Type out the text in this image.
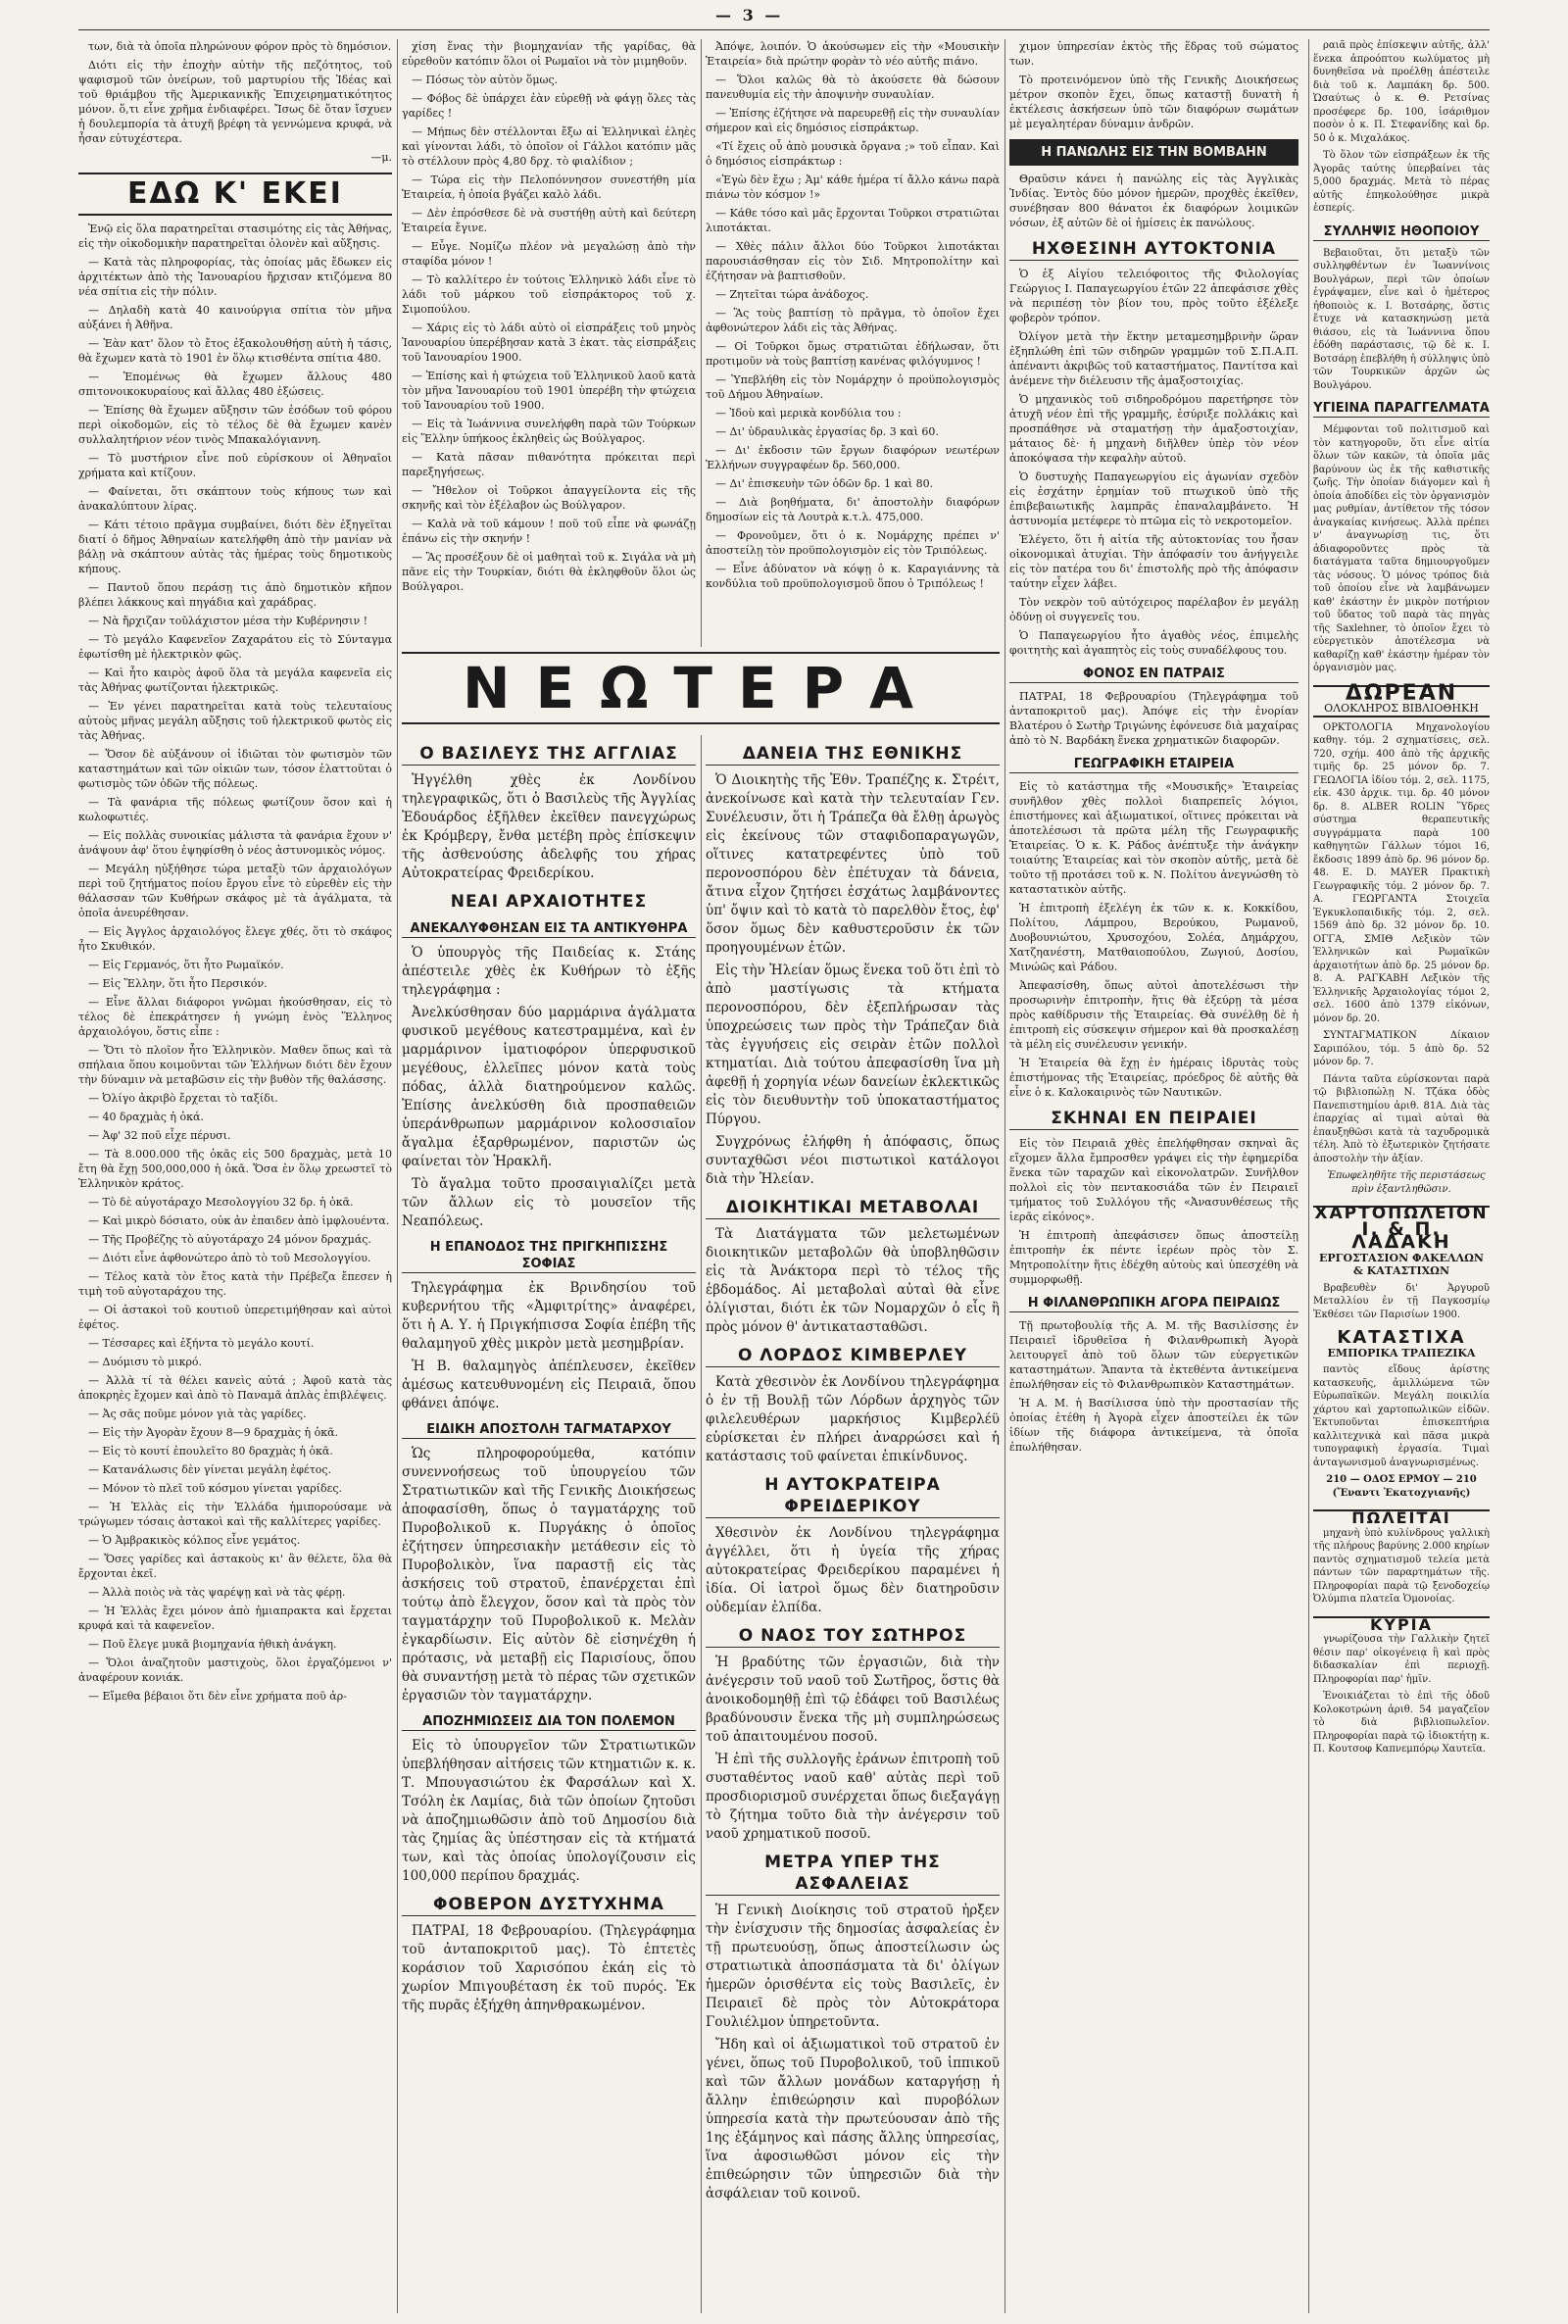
— 3 —

των, διὰ τὰ ὁποῖα πληρώνουν φόρον πρὸς τὸ δημόσιον.

Διότι εἰς τὴν ἐποχὴν αὐτὴν τῆς πεζότητος, τοῦ ψαφισμοῦ τῶν ὀνείρων, τοῦ μαρτυρίου τῆς Ἰδέας καὶ τοῦ θριάμβου τῆς Ἀμερικανικῆς Ἐπιχειρηματικότητος μόνον. ὅ,τι εἶνε χρῆμα ἐνδιαφέρει. Ἴσως δὲ ὅταν ἴσχυεν ἡ δουλεμπορία τὰ ἀτυχῆ βρέφη τὰ γεννώμενα κρυφά, νὰ ἦσαν εὐτυχέστερα.

—μ.

ΕΔΩ Κ' ΕΚΕΙ

Ἐνῷ εἰς ὅλα παρατηρεῖται στασιμότης εἰς τὰς Ἀθήνας, εἰς τὴν οἰκοδομικὴν παρατηρεῖται ὁλονὲν καὶ αὔξησις.

— Κατὰ τὰς πληροφορίας, τὰς ὁποίας μᾶς ἔδωκεν εἰς ἀρχιτέκτων ἀπὸ τὴς Ἰανουαρίου ἤρχισαν κτιζόμενα 80 νέα σπίτια εἰς τὴν πόλιν.

— Δηλαδὴ κατὰ 40 καινούργια σπίτια τὸν μῆνα αὐξάνει ἡ Ἀθῆνα.

— Ἐὰν κατ' ὅλον τὸ ἔτος ἐξακολουθήσῃ αὐτὴ ἡ τάσις, θὰ ἔχωμεν κατὰ τὸ 1901 ἐν ὅλῳ κτισθέντα σπίτια 480.

— Ἐπομένως θὰ ἔχωμεν ἄλλους 480 σπιτονοικοκυραίους καὶ ἄλλας 480 ἐξώσεις.

— Ἐπίσης θὰ ἔχωμεν αὔξησιν τῶν ἐσόδων τοῦ φόρου περὶ οἰκοδομῶν, εἰς τὸ τέλος δὲ θὰ ἔχωμεν κανὲν συλλαλητήριον νέον τινὸς Μπακαλόγιαννη.

— Τὸ μυστήριον εἶνε ποῦ εὑρίσκουν οἱ Ἀθηναῖοι χρήματα καὶ κτίζουν.

— Φαίνεται, ὅτι σκάπτουν τοὺς κήπους των καὶ ἀνακαλύπτουν λίρας.

— Κάτι τέτοιο πρᾶγμα συμβαίνει, διότι δὲν ἐξηγεῖται διατί ὁ δῆμος Ἀθηναίων κατελήφθη ἀπὸ τὴν μανίαν νὰ βάλῃ νὰ σκάπτουν αὐτὰς τὰς ἡμέρας τοὺς δημοτικοὺς κήπους.

— Παντοῦ ὅπου περάσῃ τις ἀπὸ δημοτικὸν κῆπον βλέπει λάκκους καὶ πηγάδια καὶ χαράδρας.

— Νὰ ἤρχιζαν τοῦλάχιστον μέσα τὴν Κυβέρνησιν !

— Τὸ μεγάλο Καφενεῖον Ζαχαράτου εἰς τὸ Σύνταγμα ἐφωτίσθη μὲ ἠλεκτρικὸν φῶς.

— Καὶ ἦτο καιρὸς ἀφοῦ ὅλα τὰ μεγάλα καφενεῖα εἰς τὰς Ἀθήνας φωτίζονται ἠλεκτρικῶς.

— Ἐν γένει παρατηρεῖται κατὰ τοὺς τελευταίους αὐτοὺς μῆνας μεγάλη αὔξησις τοῦ ἠλεκτρικοῦ φωτὸς εἰς τὰς Ἀθήνας.

— Ὅσον δὲ αὐξάνουν οἱ ἰδιῶται τὸν φωτισμὸν τῶν καταστημάτων καὶ τῶν οἰκιῶν των, τόσον ἐλαττοῦται ὁ φωτισμὸς τῶν ὁδῶν τῆς πόλεως.

— Τὰ φανάρια τῆς πόλεως φωτίζουν ὅσον καὶ ἡ κωλοφωτιές.

— Εἰς πολλὰς συνοικίας μάλιστα τὰ φανάρια ἔχουν ν' ἀνάψουν ἀφ' ὅτου ἐψηφίσθη ὁ νέος ἀστυνομικὸς νόμος.

— Μεγάλη ηὐξήθησε τώρα μεταξὺ τῶν ἀρχαιολόγων περὶ τοῦ ζητήματος ποίου ἔργου εἶνε τὸ εὑρεθὲν εἰς τὴν θάλασσαν τῶν Κυθήρων σκάφος μὲ τὰ ἀγάλματα, τὰ ὁποῖα ἀνευρέθησαν.

— Εἰς Ἀγγλος ἀρχαιολόγος ἔλεγε χθές, ὅτι τὸ σκάφος ἦτο Σκυθικόν.

— Εἰς Γερμανός, ὅτι ἦτο Ρωμαϊκόν.

— Εἰς Ἕλλην, ὅτι ἦτο Περσικόν.

— Εἶνε ἄλλαι διάφοροι γνῶμαι ἠκούσθησαν, εἰς τὸ τέλος δὲ ἐπεκράτησεν ἡ γνώμη ἑνὸς Ἕλληνος ἀρχαιολόγου, ὅστις εἶπε :

— Ὅτι τὸ πλοῖον ἦτο Ἑλληνικὸν. Μαθεν ὅπως καὶ τὰ σπήλαια ὅπου κοιμοῦνται τῶν Ἑλλήνων διότι δὲν ἔχουν τὴν δύναμιν νὰ μεταβῶσιν εἰς τὴν βυθὸν τῆς θαλάσσης.

— Ὀλίγο ἀκριβὸ ἔρχεται τὸ ταξίδι.

— 40 δραχμὰς ἡ ὀκά.

— Ἀφ' 32 ποῦ εἶχε πέρυσι.

— Τὰ 8.000.000 τῆς ὀκᾶς εἰς 500 δραχμὰς, μετὰ 10 ἔτη θὰ ἔχῃ 500,000,000 ἡ ὀκᾶ. Ὅσα ἐν ὅλῳ χρεωστεῖ τὸ Ἑλληνικὸν κράτος.

— Τὸ δὲ αὐγοτάραχο Μεσολογγίου 32 δρ. ἡ ὀκᾶ.

— Καὶ μικρὸ δόσιατο, οὐκ ἀν ἐπαιδεν ἀπὸ ἱμφλουέντα.

— Τῆς Προβέζης τὸ αὐγοτάραχο 24 μόνον δραχμάς.

— Διότι εἶνε ἀφθονώτερο ἀπὸ τὸ τοῦ Μεσολογγίου.

— Τέλος κατὰ τὸν ἔτος κατὰ τὴν Πρέβεζα ἔπεσεν ἡ τιμὴ τοῦ αὐγοταράχου της.

— Οἱ ἀστακοὶ τοῦ κουτιοῦ ὑπερετιμήθησαν καὶ αὐτοὶ ἐφέτος.

— Τέσσαρες καὶ ἐξήντα τὸ μεγάλο κουτί.

— Δυόμισυ τὸ μικρό.

— Ἀλλὰ τί τὰ θέλει κανεὶς αὐτά ; Ἀφοῦ κατὰ τὰς ἀποκρηὲς ἔχομεν καὶ ἀπὸ τὸ Παναμᾶ ἀπλὰς ἐπιβλέψεις.

— Ἀς σᾶς ποῦμε μόνον γιὰ τὰς γαρίδες.

— Εἰς τὴν Ἀγορὰν ἔχουν 8—9 δραχμὰς ἡ ὀκᾶ.

— Εἰς τὸ κουτί ἐπουλεῖτο 80 δραχμὰς ἡ ὀκᾶ.

— Κατανάλωσις δὲν γίνεται μεγάλη ἐφέτος.

— Μόνον τὸ πλεῖ τοῦ κόσμου γίνεται γαρίδες.

— Ἡ Ἑλλὰς εἰς τὴν Ἑλλάδα ἡμιπορούσαμε νὰ τρώγωμεν τόσαις ἀστακοὶ καὶ τῆς καλλίτερες γαρίδες.

— Ὁ Ἀμβρακικὸς κόλπος εἶνε γεμάτος.

— Ὅσες γαρίδες καὶ ἀστακοὺς κι' ἂν θέλετε, ὅλα θὰ ἔρχονται ἐκεῖ.

— Ἀλλὰ ποιὸς νὰ τὰς ψαρέψῃ καὶ νὰ τὰς φέρῃ.

— Ἡ Ἑλλὰς ἔχει μόνον ἀπὸ ἠμιαπρακτα καὶ ἔρχεται κρυφά καὶ τὰ καφενεῖον.

— Ποῦ ἔλεγε μυκᾶ βιομηχανία ἠθικὴ ἀνάγκη.

— Ὅλοι ἀναζητοῦν μαστιχοὺς, ὅλοι ἐργαζόμενοι ν' ἀναφέρουν κονιάκ.

— Εἴμεθα βέβαιοι ὅτι δὲν εἶνε χρήματα ποῦ ἀρ-

χίση ἕνας τὴν βιομηχανίαν τῆς γαρίδας, θὰ εὑρεθοῦν κατόπιν ὅλοι οἱ Ρωμαῖοι νὰ τὸν μιμηθοῦν.

— Πόσως τὸν αὐτὸν ὅμως.

— Φόβος δὲ ὑπάρχει ἐὰν εὑρεθῇ νὰ φάγῃ ὅλες τὰς γαρίδες !

— Μήπως δὲν στέλλονται ἔξω αἱ Ἑλληνικαὶ ἐληὲς καὶ γίνονται λάδι, τὸ ὁποῖον οἱ Γάλλοι κατόπιν μᾶς τὸ στέλλουν πρὸς 4,80 δρχ. τὸ φιαλίδιον ;

— Τώρα εἰς τὴν Πελοπόννησον συνεστήθη μία Ἑταιρεία, ἡ ὁποία βγάζει καλὸ λάδι.

— Δὲν ἐπρόσθεσε δὲ νὰ συστήθῃ αὐτὴ καὶ δεύτερη Ἑταιρεία ἔγινε.

— Εὖγε. Νομίζω πλέον νὰ μεγαλώσῃ ἀπὸ τὴν σταφίδα μόνον !

— Τὸ καλλίτερο ἐν τούτοις Ἑλληνικὸ λάδι εἶνε τὸ λάδι τοῦ μάρκου τοῦ εἰσπράκτορος τοῦ χ. Σιμοπούλου.

— Χάρις εἰς τὸ λάδι αὐτὸ οἱ εἰσπράξεις τοῦ μηνὸς Ἰανουαρίου ὑπερέβησαν κατὰ 3 ἑκατ. τὰς εἰσπράξεις τοῦ Ἰανουαρίου 1900.

— Ἐπίσης καὶ ἡ φτώχεια τοῦ Ἑλληνικοῦ λαοῦ κατὰ τὸν μῆνα Ἰανουαρίου τοῦ 1901 ὑπερέβη τὴν φτώχεια τοῦ Ἰανουαρίου τοῦ 1900.

— Εἰς τὰ Ἰωάννινα συνελήφθη παρὰ τῶν Τούρκων εἰς Ἕλλην ὑπήκοος ἐκληθεὶς ὡς Βούλγαρος.

— Κατὰ πᾶσαν πιθανότητα πρόκειται περὶ παρεξηγήσεως.

— Ἤθελον οἱ Τοῦρκοι ἀπαγγείλοντα εἰς τῆς σκηνῆς καὶ τὸν ἐξέλαβον ὡς Βούλγαρον.

— Καλὰ νὰ τοῦ κάμουν ! ποῦ τοῦ εἶπε νὰ φωνάζῃ ἐπάνω εἰς τὴν σκηνήν !

— Ἂς προσέξουν δὲ οἱ μαθηταὶ τοῦ κ. Σιγάλα νὰ μὴ πᾶνε εἰς τὴν Τουρκίαν, διότι θὰ ἐκληφθοῦν ὅλοι ὡς Βούλγαροι.

Ἀπόψε, λοιπόν. Ὁ ἀκούσωμεν εἰς τὴν «Μουσικὴν Ἑταιρεία» διὰ πρώτην φορὰν τὸ νέο αὐτῆς πιάνο.

— Ὅλοι καλῶς θὰ τὸ ἀκούσετε θὰ δώσουν πανευθυμία εἰς τὴν ἀποψινὴν συναυλίαν.

— Ἐπίσης ἐζήτησε νὰ παρευρεθῇ εἰς τὴν συναυλίαν σήμερον καὶ εἰς δημόσιος εἰσπράκτωρ.

«Τί ἔχεις οὖ ἀπὸ μουσικὰ ὄργανα ;» τοῦ εἶπαν. Καὶ ὁ δημόσιος εἰσπράκτωρ :

«Ἐγὼ δὲν ἔχω ; Ἀμ' κάθε ἡμέρα τί ἄλλο κάνω παρὰ πιάνω τὸν κόσμον !»

— Κάθε τόσο καὶ μᾶς ἔρχονται Τοῦρκοι στρατιῶται λιποτάκται.

— Χθὲς πάλιν ἄλλοι δύο Τοῦρκοι λιποτάκται παρουσιάσθησαν εἰς τὸν Σιδ. Μητροπολίτην καὶ ἐζήτησαν νὰ βαπτισθοῦν.

— Ζητεῖται τώρα ἀνάδοχος.

— Ἂς τοὺς βαπτίσῃ τὸ πρᾶγμα, τὸ ὁποῖον ἔχει ἀφθονώτερον λάδι εἰς τὰς Ἀθήνας.

— Οἱ Τοῦρκοι ὅμως στρατιῶται ἐδήλωσαν, ὅτι προτιμοῦν νὰ τοὺς βαπτίσῃ κανένας φιλόγυμνος !

— Ὑπεβλήθη εἰς τὸν Νομάρχην ὁ προϋπολογισμὸς τοῦ Δήμου Ἀθηναίων.

— Ἰδοὺ καὶ μερικὰ κονδύλια του :

— Δι' ὑδραυλικὰς ἐργασίας δρ. 3 καὶ 60.

— Δι' ἐκδοσιν τῶν ἔργων διαφόρων νεωτέρων Ἑλλήνων συγγραφέων δρ. 560,000.

— Δι' ἐπισκευὴν τῶν ὁδῶν δρ. 1 καὶ 80.

— Διὰ βοηθήματα, δι' ἀποστολὴν διαφόρων δημοσίων εἰς τὰ Λουτρὰ κ.τ.λ. 475,000.

— Φρονοῦμεν, ὅτι ὁ κ. Νομάρχης πρέπει ν' ἀποστείλῃ τὸν προϋπολογισμὸν εἰς τὸν Τριπόλεως.

— Εἶνε ἀδύνατον νὰ κόψῃ ὁ κ. Καραγιάννης τὰ κονδύλια τοῦ προϋπολογισμοῦ ὅπου ὁ Τριπόλεως !

ΝΕΩΤΕΡΑ
Ο ΒΑΣΙΛΕΥΣ ΤΗΣ ΑΓΓΛΙΑΣ

Ἠγγέλθη χθὲς ἐκ Λονδίνου τηλεγραφικῶς, ὅτι ὁ Βασιλεὺς τῆς Ἀγγλίας Ἐδουάρδος ἐξῆλθεν ἐκεῖθεν πανεγχώρως ἐκ Κρόμβεργ, ἔνθα μετέβη πρὸς ἐπίσκεψιν τῆς ἀσθενούσης ἀδελφῆς του χήρας Αὐτοκρατείρας Φρειδερίκου.

ΝΕΑΙ ΑΡΧΑΙΟΤΗΤΕΣ
ΑΝΕΚΑΛΥΦΘΗΣΑΝ ΕΙΣ ΤΑ ΑΝΤΙΚΥΘΗΡΑ

Ὁ ὑπουργὸς τῆς Παιδείας κ. Στάης ἀπέστειλε χθὲς ἐκ Κυθήρων τὸ ἑξῆς τηλεγράφημα :

Ἀνελκύσθησαν δύο μαρμάρινα ἀγάλματα φυσικοῦ μεγέθους κατεστραμμένα, καὶ ἐν μαρμάρινον ἱματιοφόρον ὑπερφυσικοῦ μεγέθους, ἐλλεῖπες μόνον κατὰ τοὺς πόδας, ἀλλὰ διατηρούμενον καλῶς. Ἐπίσης ἀνελκύσθη διὰ προσπαθειῶν ὑπεράνθρωπων μαρμάρινον κολοσσιαῖον ἄγαλμα ἐξαρθρωμένον, παριστῶν ὡς φαίνεται τὸν Ἡρακλῆ.

Τὸ ἄγαλμα τοῦτο προσαιγιαλίζει μετὰ τῶν ἄλλων εἰς τὸ μουσεῖον τῆς Νεαπόλεως.

Η ΕΠΑΝΟΔΟΣ ΤΗΣ ΠΡΙΓΚΗΠΙΣΣΗΣ ΣΟΦΙΑΣ

Τηλεγράφημα ἐκ Βρινδησίου τοῦ κυβερνήτου τῆς «Ἀμφιτρίτης» ἀναφέρει, ὅτι ἡ Α. Υ. ἡ Πριγκήπισσα Σοφία ἐπέβη τῆς θαλαμηγοῦ χθὲς μικρὸν μετὰ μεσημβρίαν.

Ἡ Β. θαλαμηγὸς ἀπέπλευσεν, ἐκεῖθεν ἀμέσως κατευθυνομένη εἰς Πειραιᾶ, ὅπου φθάνει ἀπόψε.

ΕΙΔΙΚΗ ΑΠΟΣΤΟΛΗ ΤΑΓΜΑΤΑΡΧΟΥ

Ὡς πληροφορούμεθα, κατόπιν συνεννοήσεως τοῦ ὑπουργείου τῶν Στρατιωτικῶν καὶ τῆς Γενικῆς Διοικήσεως ἀποφασίσθη, ὅπως ὁ ταγματάρχης τοῦ Πυροβολικοῦ κ. Πυργάκης ὁ ὁποῖος ἐζήτησεν ὑπηρεσιακὴν μετάθεσιν εἰς τὸ Πυροβολικὸν, ἵνα παραστῇ εἰς τὰς ἀσκήσεις τοῦ στρατοῦ, ἐπανέρχεται ἐπὶ τούτῳ ἀπὸ ἔλεγχον, ὅσον καὶ τὰ πρὸς τὸν ταγματάρχην τοῦ Πυροβολικοῦ κ. Μελὰν ἐγκαρδίωσιν. Εἰς αὐτὸν δὲ εἰσηνέχθη ἡ πρότασις, νὰ μεταβῇ εἰς Παρισίους, ὅπου θὰ συναντήσῃ μετὰ τὸ πέρας τῶν σχετικῶν ἐργασιῶν τὸν ταγματάρχην.

ΑΠΟΖΗΜΙΩΣΕΙΣ ΔΙΑ ΤΟΝ ΠΟΛΕΜΟΝ

Εἰς τὸ ὑπουργεῖον τῶν Στρατιωτικῶν ὑπεβλήθησαν αἰτήσεις τῶν κτηματιῶν κ. κ. Τ. Μπουγασιώτου ἐκ Φαρσάλων καὶ Χ. Τσόλη ἐκ Λαμίας, διὰ τῶν ὁποίων ζητοῦσι νὰ ἀποζημιωθῶσιν ἀπὸ τοῦ Δημοσίου διὰ τὰς ζημίας ἃς ὑπέστησαν εἰς τὰ κτήματά των, καὶ τὰς ὁποίας ὑπολογίζουσιν εἰς 100,000 περίπου δραχμάς.

ΦΟΒΕΡΟΝ ΔΥΣΤΥΧΗΜΑ

ΠΑΤΡΑΙ, 18 Φεβρουαρίου. (Τηλεγράφημα τοῦ ἀνταποκριτοῦ μας). Τὸ ἐπτετὲς κοράσιον τοῦ Χαρισόπου ἐκάη εἰς τὸ χωρίον Μπιγουβέταση ἐκ τοῦ πυρός. Ἐκ τῆς πυρᾶς ἐξήχθη ἀπηνθρακωμένον.

ΔΑΝΕΙΑ ΤΗΣ ΕΘΝΙΚΗΣ

Ὁ Διοικητὴς τῆς Ἐθν. Τραπέζης κ. Στρέιτ, ἀνεκοίνωσε καὶ κατὰ τὴν τελευταίαν Γεν. Συνέλευσιν, ὅτι ἡ Τράπεζα θὰ ἔλθῃ ἀρωγὸς εἰς ἐκείνους τῶν σταφιδοπαραγωγῶν, οἵτινες κατατρεφέντες ὑπὸ τοῦ περονοσπόρου δὲν ἐπέτυχαν τὰ δάνεια, ἄτινα εἶχον ζητήσει ἐσχάτως λαμβάνοντες ὑπ' ὄψιν καὶ τὸ κατὰ τὸ παρελθὸν ἔτος, ἐφ' ὅσον ὅμως δὲν καθυστεροῦσιν ἐκ τῶν προηγουμένων ἐτῶν.

Εἰς τὴν Ἠλείαν ὅμως ἕνεκα τοῦ ὅτι ἐπὶ τὸ ἀπὸ μαστίγωσις τὰ κτήματα περονοσπόρου, δὲν ἐξεπλήρωσαν τὰς ὑποχρεώσεις των πρὸς τὴν Τράπεζαν διὰ τὰς ἐγγυήσεις εἰς σειρὰν ἐτῶν πολλοὶ κτηματίαι. Διὰ τούτου ἀπεφασίσθη ἵνα μὴ ἀφεθῇ ἡ χορηγία νέων δανείων ἐκλεκτικῶς εἰς τὸν διευθυντὴν τοῦ ὑποκαταστήματος Πύργου.

Συγχρόνως ἐλήφθη ἡ ἀπόφασις, ὅπως συνταχθῶσι νέοι πιστωτικοὶ κατάλογοι διὰ τὴν Ἠλείαν.

ΔΙΟΙΚΗΤΙΚΑΙ ΜΕΤΑΒΟΛΑΙ

Τὰ Διατάγματα τῶν μελετωμένων διοικητικῶν μεταβολῶν θὰ ὑποβληθῶσιν εἰς τὰ Ἀνάκτορα περὶ τὸ τέλος τῆς ἑβδομάδος. Αἱ μεταβολαὶ αὐταὶ θὰ εἶνε ὀλίγισται, διότι ἐκ τῶν Νομαρχῶν ὁ εἷς ἢ πρὸς μόνον θ' ἀντικατασταθῶσι.

Ο ΛΟΡΔΟΣ ΚΙΜΒΕΡΛΕΥ

Κατὰ χθεσινὸν ἐκ Λονδίνου τηλεγράφημα ὁ ἐν τῇ Βουλῇ τῶν Λόρδων ἀρχηγὸς τῶν φιλελευθέρων μαρκήσιος Κιμβερλέϋ εὑρίσκεται ἐν πλήρει ἀναρρώσει καὶ ἡ κατάστασις τοῦ φαίνεται ἐπικίνδυνος.

Η ΑΥΤΟΚΡΑΤΕΙΡΑ ΦΡΕΙΔΕΡΙΚΟΥ

Χθεσινὸν ἐκ Λονδίνου τηλεγράφημα ἀγγέλλει, ὅτι ἡ ὑγεία τῆς χήρας αὐτοκρατείρας Φρειδερίκου παραμένει ἡ ἰδία. Οἱ ἰατροὶ ὅμως δὲν διατηροῦσιν οὐδεμίαν ἐλπίδα.

Ο ΝΑΟΣ ΤΟΥ ΣΩΤΗΡΟΣ

Ἡ βραδύτης τῶν ἐργασιῶν, διὰ τὴν ἀνέγερσιν τοῦ ναοῦ τοῦ Σωτῆρος, ὅστις θὰ ἀνοικοδομηθῇ ἐπὶ τῷ ἐδάφει τοῦ Βασιλέως βραδύνουσιν ἕνεκα τῆς μὴ συμπληρώσεως τοῦ ἀπαιτουμένου ποσοῦ.

Ἡ ἐπὶ τῆς συλλογῆς ἐράνων ἐπιτροπὴ τοῦ συσταθέντος ναοῦ καθ' αὐτὰς περὶ τοῦ προσδιορισμοῦ συνέρχεται ὅπως διεξαγάγῃ τὸ ζήτημα τοῦτο διὰ τὴν ἀνέγερσιν τοῦ ναοῦ χρηματικοῦ ποσοῦ.

ΜΕΤΡΑ ΥΠΕΡ ΤΗΣ ΑΣΦΑΛΕΙΑΣ

Ἡ Γενικὴ Διοίκησις τοῦ στρατοῦ ἠρξεν τὴν ἐνίσχυσιν τῆς δημοσίας ἀσφαλείας ἐν τῇ πρωτευούσῃ, ὅπως ἀποστείλωσιν ὡς στρατιωτικὰ ἀποσπάσματα τὰ δι' ὀλίγων ἡμερῶν ὁρισθέντα εἰς τοὺς Βασιλεῖς, ἐν Πειραιεῖ δὲ πρὸς τὸν Αὐτοκράτορα Γουλιέλμον ὑπηρετοῦντα.

Ἤδη καὶ οἱ ἀξιωματικοὶ τοῦ στρατοῦ ἐν γένει, ὅπως τοῦ Πυροβολικοῦ, τοῦ ἱππικοῦ καὶ τῶν ἄλλων μονάδων καταργήσῃ ἡ ἄλλην ἐπιθεώρησιν καὶ πυροβόλων ὑπηρεσία κατὰ τὴν πρωτεύουσαν ἀπὸ τῆς 1ης ἐξάμηνος καὶ πάσης ἄλλης ὑπηρεσίας, ἵνα ἀφοσιωθῶσι μόνον εἰς τὴν ἐπιθεώρησιν τῶν ὑπηρεσιῶν διὰ τὴν ἀσφάλειαν τοῦ κοινοῦ.

χιμον ὑπηρεσίαν ἐκτὸς τῆς ἕδρας τοῦ σώματος των.

Τὸ προτεινόμενον ὑπὸ τῆς Γενικῆς Διοικήσεως μέτρον σκοπὸν ἔχει, ὅπως καταστῇ δυνατὴ ἡ ἐκτέλεσις ἀσκήσεων ὑπὸ τῶν διαφόρων σωμάτων μὲ μεγαλητέραν δύναμιν ἀνδρῶν.

Η ΠΑΝΩΛΗΣ ΕΙΣ ΤΗΝ ΒΟΜΒΑΗΝ

Θραῦσιν κάνει ἡ πανώλης εἰς τὰς Ἀγγλικὰς Ἰνδίας. Ἐντὸς δύο μόνον ἡμερῶν, προχθὲς ἐκεῖθεν, συνέβησαν 800 θάνατοι ἐκ διαφόρων λοιμικῶν νόσων, ἐξ αὐτῶν δὲ οἱ ἡμίσεις ἐκ πανώλους.

ΗΧΘΕΣΙΝΗ ΑΥΤΟΚΤΟΝΙΑ

Ὁ ἐξ Αἰγίου τελειόφοιτος τῆς Φιλολογίας Γεώργιος Ι. Παπαγεωργίου ἐτῶν 22 ἀπεφάσισε χθὲς νὰ περιπέσῃ τὸν βίον του, πρὸς τοῦτο ἐξέλεξε φοβερὸν τρόπον.

Ὀλίγον μετὰ τὴν ἕκτην μεταμεσημβρινὴν ὥραν ἐξηπλώθη ἐπὶ τῶν σιδηρῶν γραμμῶν τοῦ Σ.Π.Α.Π. ἀπέναντι ἀκριβῶς τοῦ καταστήματος. Παντίτσα καὶ ἀνέμενε τὴν διέλευσιν τῆς ἁμαξοστοιχίας.

Ὁ μηχανικὸς τοῦ σιδηροδρόμου παρετήρησε τὸν ἀτυχῆ νέον ἐπὶ τῆς γραμμῆς, ἐσύριξε πολλάκις καὶ προσπάθησε νὰ σταματήσῃ τὴν ἀμαξοστοιχίαν, μάταιος δὲ· ἡ μηχανὴ διῆλθεν ὑπὲρ τὸν νέον ἀποκόψασα τὴν κεφαλὴν αὐτοῦ.

Ὁ δυστυχὴς Παπαγεωργίου εἰς ἀγωνίαν σχεδὸν εἰς ἐσχάτην ἐρημίαν τοῦ πτωχικοῦ ὑπὸ τῆς ἐπιβεβαιωτικῆς λαμπρᾶς ἐπαναλαμβάνετο. Ἡ ἀστυνομία μετέφερε τὸ πτῶμα εἰς τὸ νεκροτομεῖον.

Ἐλέγετο, ὅτι ἡ αἰτία τῆς αὐτοκτονίας του ἦσαν οἰκονομικαὶ ἀτυχίαι. Τὴν ἀπόφασίν του ἀνήγγειλε εἰς τὸν πατέρα του δι' ἐπιστολῆς πρὸ τῆς ἀπόφασιν ταύτην εἶχεν λάβει.

Τὸν νεκρὸν τοῦ αὐτόχειρος παρέλαβον ἐν μεγάλῃ ὀδύνῃ οἱ συγγενεῖς του.

Ὁ Παπαγεωργίου ἦτο ἀγαθὸς νέος, ἐπιμελὴς φοιτητὴς καὶ ἀγαπητὸς εἰς τοὺς συναδέλφους του.

ΦΟΝΟΣ ΕΝ ΠΑΤΡΑΙΣ

ΠΑΤΡΑΙ, 18 Φεβρουαρίου (Τηλεγράφημα τοῦ ἀνταποκριτοῦ μας). Ἀπόψε εἰς τὴν ἐνορίαν Βλατέρου ὁ Σωτὴρ Τριγώνης ἐφόνευσε διὰ μαχαίρας ἀπὸ τὸ Ν. Βαρδάκη ἕνεκα χρηματικῶν διαφορῶν.

ΓΕΩΓΡΑΦΙΚΗ ΕΤΑΙΡΕΙΑ

Εἰς τὸ κατάστημα τῆς «Μουσικῆς» Ἑταιρείας συνῆλθον χθὲς πολλοὶ διαπρεπεῖς λόγιοι, ἐπιστήμονες καὶ ἀξιωματικοί, οἵτινες πρόκειται νὰ ἀποτελέσωσι τὰ πρῶτα μέλη τῆς Γεωγραφικῆς Ἑταιρείας. Ὁ κ. Κ. Ράδος ἀνέπτυξε τὴν ἀνάγκην τοιαύτης Ἑταιρείας καὶ τὸν σκοπὸν αὐτῆς, μετὰ δὲ τοῦτο τῇ προτάσει τοῦ κ. Ν. Πολίτου ἀνεγνώσθη τὸ καταστατικὸν αὐτῆς.

Ἡ ἐπιτροπὴ ἐξελέγη ἐκ τῶν κ. κ. Κοκκίδου, Πολίτου, Λάμπρου, Βερούκου, Ρωμανοῦ, Δυοβουνιώτου, Χρυσοχόου, Σολέα, Δημάρχου, Χατζηανέστη, Ματθαιοπούλου, Ζωγιού, Δοσίου, Μινώῶς καὶ Ράδου.

Ἀπεφασίσθη, ὅπως αὐτοὶ ἀποτελέσωσι τὴν προσωρινὴν ἐπιτροπὴν, ἥτις θὰ ἐξεύρῃ τὰ μέσα πρὸς καθίδρυσιν τῆς Ἑταιρείας. Θὰ συνέλθῃ δὲ ἡ ἐπιτροπὴ εἰς σύσκεψιν σήμερον καὶ θὰ προσκαλέσῃ τὰ μέλη εἰς συνέλευσιν γενικήν.

Ἡ Ἑταιρεία θὰ ἔχῃ ἐν ἡμέραις ἱδρυτὰς τοὺς ἐπιστήμονας τῆς Ἑταιρείας, πρόεδρος δὲ αὐτῆς θὰ εἶνε ὁ κ. Καλοκαιρινὸς τῶν Ναυτικῶν.

ΣΚΗΝΑΙ ΕΝ ΠΕΙΡΑΙΕΙ

Εἰς τὸν Πειραιᾶ χθὲς ἐπελήφθησαν σκηναὶ ἃς εἴχομεν ἄλλα ἔμπροσθεν γράψει εἰς τὴν ἐφημερίδα ἕνεκα τῶν ταραχῶν καὶ εἰκονολατρῶν. Συνῆλθον πολλοὶ εἰς τὸν πεντακοσιάδα τῶν ἐν Πειραιεῖ τμήματος τοῦ Συλλόγου τῆς «Ἀνασυνθέσεως τῆς ἱερᾶς εἰκόνος».

Ἡ ἐπιτροπὴ ἀπεφάσισεν ὅπως ἀποστείλῃ ἐπιτροπὴν ἐκ πέντε ἱερέων πρὸς τὸν Σ. Μητροπολίτην ἥτις ἐδέχθη αὐτοὺς καὶ ὑπεσχέθη νὰ συμμορφωθῇ.

Η ΦΙΛΑΝΘΡΩΠΙΚΗ ΑΓΟΡΑ ΠΕΙΡΑΙΩΣ

Τῇ πρωτοβουλίᾳ τῆς Α. Μ. τῆς Βασιλίσσης ἐν Πειραιεῖ ἱδρυθεῖσα ἡ Φιλανθρωπικὴ Ἀγορὰ λειτουργεῖ ἀπὸ τοῦ ὅλων τῶν εὐεργετικῶν καταστημάτων. Ἅπαντα τὰ ἐκτεθέντα ἀντικείμενα ἐπωλήθησαν εἰς τὸ Φιλανθρωπικὸν Καταστημάτων.

Ἡ Α. Μ. ἡ Βασίλισσα ὑπὸ τὴν προστασίαν τῆς ὁποίας ἐτέθη ἡ Ἀγορὰ εἶχεν ἀποστείλει ἐκ τῶν ἰδίων τῆς διάφορα ἀντικείμενα, τὰ ὁποῖα ἐπωλήθησαν.

ραιᾶ πρὸς ἐπίσκεψιν αὐτῆς, ἀλλ' ἕνεκα ἀπροόπτου κωλύματος μὴ δυνηθεῖσα νὰ προέλθῃ ἀπέστειλε διὰ τοῦ κ. Λαμπάκη δρ. 500. Ὡσαύτως ὁ κ. Θ. Ρετσίνας προσέφερε δρ. 100, ἰσάριθμον ποσὸν ὁ κ. Π. Στεφανίδης καὶ δρ. 50 ὁ κ. Μιχαλάκος.

Τὸ ὅλον τῶν εἰσπράξεων ἐκ τῆς Ἀγορᾶς ταύτης ὑπερβαίνει τὰς 5,000 δραχμάς. Μετὰ τὸ πέρας αὐτῆς ἐπηκολούθησε μικρὰ ἑσπερίς.

ΣΥΛΛΗΨΙΣ ΗΘΟΠΟΙΟΥ

Βεβαιοῦται, ὅτι μεταξὺ τῶν συλληφθέντων ἐν Ἰωαννίνοις Βουλγάρων, περὶ τῶν ὁποίων ἐγράψαμεν, εἶνε καὶ ὁ ἡμέτερος ἠθοποιὸς κ. Ι. Βοτσάρης, ὅστις ἔτυχε νὰ κατασκηνώσῃ μετὰ θιάσου, εἰς τὰ Ἰωάννινα ὅπου ἐδόθη παράστασις, τῷ δὲ κ. Ι. Βοτσάρῃ ἐπεβλήθη ἡ σύλληψις ὑπὸ τῶν Τουρκικῶν ἀρχῶν ὡς Βουλγάρου.

ΥΓΙΕΙΝΑ ΠΑΡΑΓΓΕΛΜΑΤΑ

Μέμφονται τοῦ πολιτισμοῦ καὶ τὸν κατηγοροῦν, ὅτι εἶνε αἰτία ὅλων τῶν κακῶν, τὰ ὁποῖα μᾶς βαρύνουν ὡς ἐκ τῆς καθιστικῆς ζωῆς. Τὴν ὁποίαν διάγομεν καὶ ἡ ὁποία ἀποδίδει εἰς τὸν ὀργανισμὸν μας ρυθμίαν, ἀντίθετον τῆς τόσον ἀναγκαίας κινήσεως. Ἀλλὰ πρέπει ν' ἀναγνωρίσῃ τις, ὅτι ἀδιαφοροῦντες πρὸς τὰ διατάγματα ταῦτα δημιουργοῦμεν τὰς νόσους. Ὁ μόνος τρόπος διὰ τοῦ ὁποίου εἶνε νὰ λαμβάνωμεν καθ' ἑκάστην ἐν μικρὸν ποτήριον τοῦ ὕδατος τοῦ παρὰ τὰς πηγὰς τῆς Saxlehner, τὸ ὁποῖον ἔχει τὸ εὐεργετικὸν ἀποτέλεσμα νὰ καθαρίζῃ καθ' ἑκάστην ἡμέραν τὸν ὀργανισμὸν μας.

ΔΩΡΕΑΝ

ΟΛΟΚΛΗΡΟΣ ΒΙΒΛΙΟΘΗΚΗ

ΟΡΚΤΟΛΟΓΙΑ Μηχανολογίου καθηγ. τόμ. 2 σχηματίσεις, σελ. 720, σχήμ. 400 ἀπὸ τῆς ἀρχικῆς τιμῆς δρ. 25 μόνον δρ. 7. ΓΕΩΛΟΓΙΑ ἰδίου τόμ. 2, σελ. 1175, εἰκ. 430 ἀρχικ. τιμ. δρ. 40 μόνον δρ. 8. ALBER ROLIN Ὕδρες σύστημα θεραπευτικῆς συγγράμματα παρὰ 100 καθηγητῶν Γάλλων τόμοι 16, ἔκδοσις 1899 ἀπὸ δρ. 96 μόνον δρ. 48. E. D. MAYER Πρακτικὴ Γεωγραφικῆς τόμ. 2 μόνον δρ. 7. A. ΓΕΩΡΓΑΝΤΑ Στοιχεῖα Ἐγκυκλοπαιδικῆς τόμ. 2, σελ. 1569 ἀπὸ δρ. 32 μόνον δρ. 10. ΟΓΓΑ, ΣΜΙΘ Λεξικὸν τῶν Ἑλληνικῶν καὶ Ρωμαϊκῶν ἀρχαιοτήτων ἀπὸ δρ. 25 μόνον δρ. 8. A. ΡΑΓΚΑΒΗ Λεξικὸν τῆς Ἑλληνικῆς Ἀρχαιολογίας τόμοι 2, σελ. 1600 ἀπὸ 1379 εἰκόνων, μόνον δρ. 20.

ΣΥΝΤΑΓΜΑΤΙΚΟΝ Δίκαιον Σαριπόλου, τόμ. 5 ἀπὸ δρ. 52 μόνον δρ. 7.

Πάντα ταῦτα εὑρίσκονται παρὰ τῷ βιβλιοπώλῃ Ν. Τζάκα ὁδὸς Πανεπιστημίου ἀριθ. 81Α. Διὰ τὰς ἐπαρχίας αἱ τιμαὶ αὐταὶ θὰ ἐπαυξηθῶσι κατὰ τὰ ταχυδρομικὰ τέλη. Ἀπὸ τὸ ἐξωτερικὸν ζητήσατε ἀποστολὴν τὴν ἀξίαν.

Ἐπωφεληθῆτε τῆς περιστάσεως πρὶν ἐξαντληθῶσιν.

ΧΑΡΤΟΠΩΛΕΙΟΝ
Ι. & Π. ΛΑΔΑΚΗ

ΕΡΓΟΣΤΑΣΙΟΝ ΦΑΚΕΛΛΩΝ & ΚΑΤΑΣΤΙΧΩΝ

Βραβευθὲν δι' Ἀργυροῦ Μεταλλίου ἐν τῇ Παγκοσμίῳ Ἐκθέσει τῶν Παρισίων 1900.

ΚΑΤΑΣΤΙΧΑ

ΕΜΠΟΡΙΚΑ ΤΡΑΠΕΖΙΚΑ

παντὸς εἴδους ἀρίστης κατασκευῆς, ἀμιλλώμενα τῶν Εὐρωπαϊκῶν. Μεγάλη ποικιλία χάρτου καὶ χαρτοπωλικῶν εἰδῶν. Ἐκτυποῦνται ἐπισκεπτήρια καλλιτεχνικὰ καὶ πᾶσα μικρὰ τυπογραφικὴ ἐργασία. Τιμαὶ ἀνταγωνισμοῦ ἀναγνωρισμένως.

210 — ΟΔΟΣ ΕΡΜΟΥ — 210 (Ἔναντι Ἐκατοχγιανῆς)

ΠΩΛΕΙΤΑΙ

μηχανὴ ὑπὸ κυλίνδρους γαλλικὴ τῆς πλήρους βαρύνης 2.000 κηρίων παντὸς σχηματισμοῦ τελεία μετὰ πάντων τῶν παραρτημάτων τῆς. Πληροφορίαι παρὰ τῷ ξενοδοχείῳ Ὀλύμπια πλατεῖα Ὁμονοίας.

ΚΥΡΙΑ

γνωρίζουσα τὴν Γαλλικὴν ζητεῖ θέσιν παρ' οἰκογένειᾳ ἢ καὶ πρὸς διδασκαλίαν ἐπὶ περιοχῇ. Πληροφορίαι παρ' ἡμῖν.

Ἐνοικιάζεται τὸ ἐπὶ τῆς ὁδοῦ Κολοκοτρώνη ἀριθ. 54 μαγαζεῖον τὸ διὰ βιβλιοπωλεῖον. Πληροφορίαι παρὰ τῷ ἰδιοκτήτῃ κ. Π. Κουτσοφ Καπνεμπόρῳ Χαυτεῖα.
